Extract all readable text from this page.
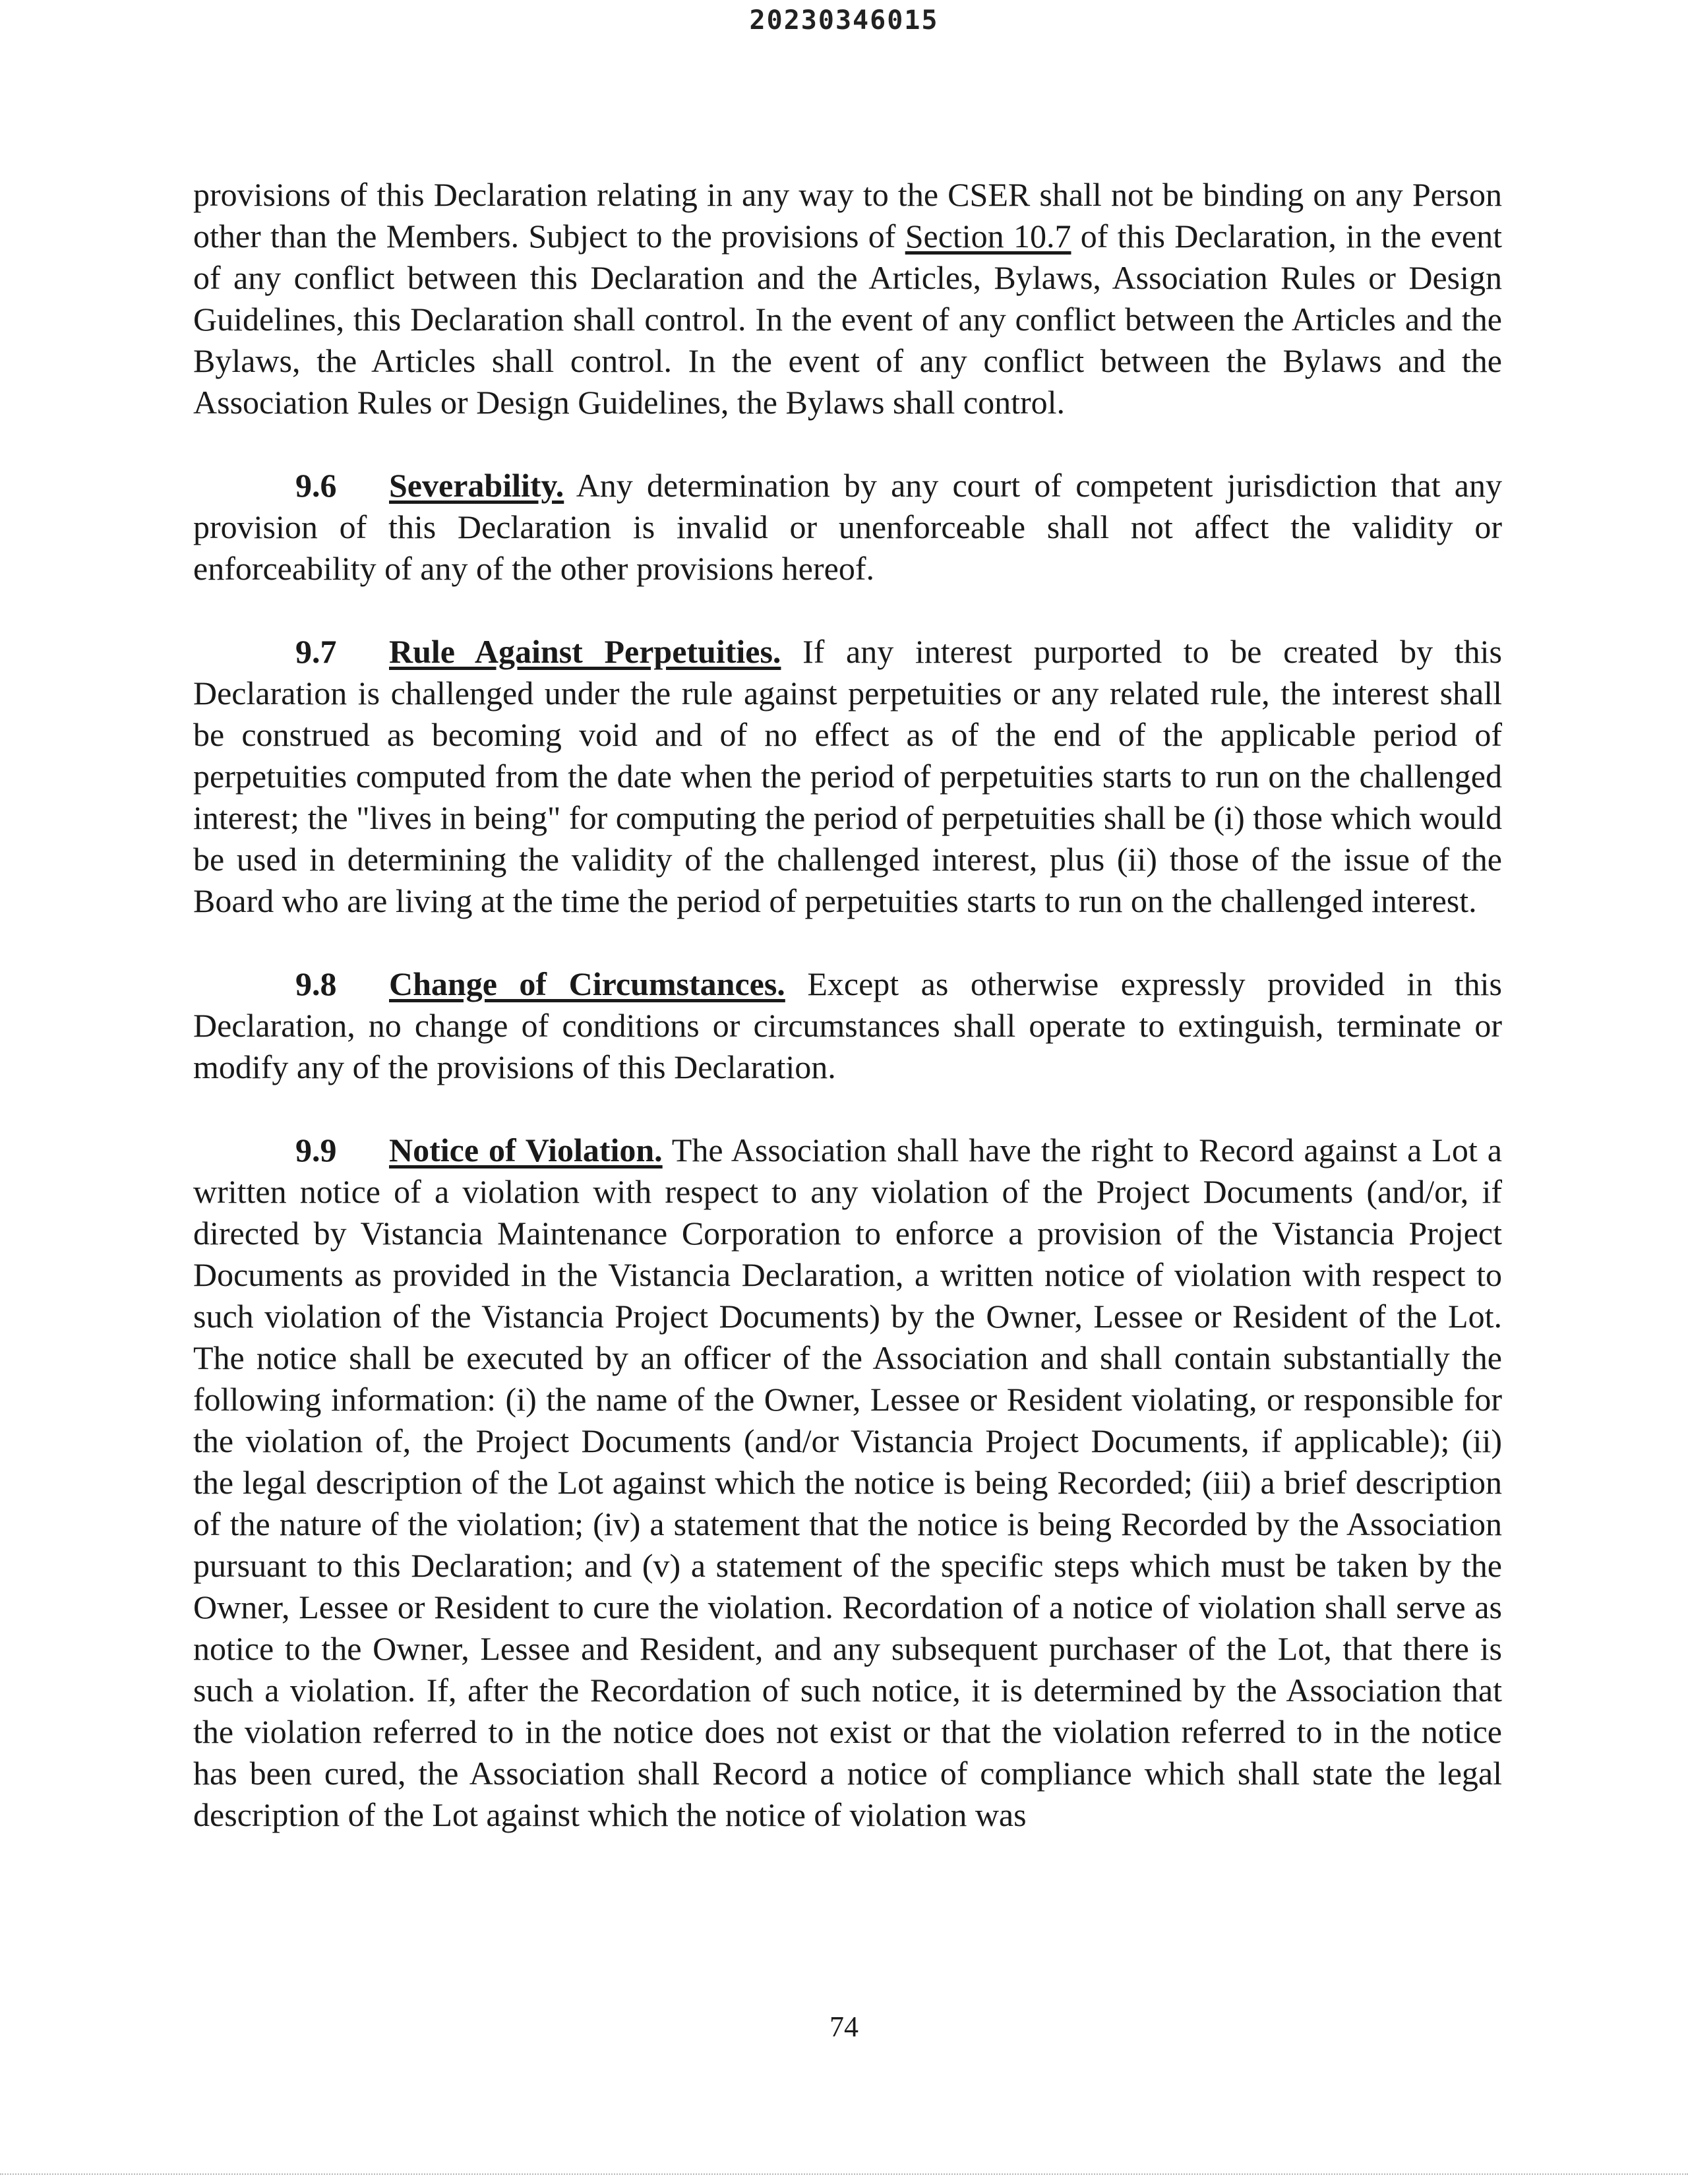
20230346015

provisions of this Declaration relating in any way to the CSER shall not be binding on any Person other than the Members. Subject to the provisions of Section 10.7 of this Declaration, in the event of any conflict between this Declaration and the Articles, Bylaws, Association Rules or Design Guidelines, this Declaration shall control. In the event of any conflict between the Articles and the Bylaws, the Articles shall control. In the event of any conflict between the Bylaws and the Association Rules or Design Guidelines, the Bylaws shall control.

9.6 Severability. Any determination by any court of competent jurisdiction that any provision of this Declaration is invalid or unenforceable shall not affect the validity or enforceability of any of the other provisions hereof.

9.7 Rule Against Perpetuities. If any interest purported to be created by this Declaration is challenged under the rule against perpetuities or any related rule, the interest shall be construed as becoming void and of no effect as of the end of the applicable period of perpetuities computed from the date when the period of perpetuities starts to run on the challenged interest; the "lives in being" for computing the period of perpetuities shall be (i) those which would be used in determining the validity of the challenged interest, plus (ii) those of the issue of the Board who are living at the time the period of perpetuities starts to run on the challenged interest.

9.8 Change of Circumstances. Except as otherwise expressly provided in this Declaration, no change of conditions or circumstances shall operate to extinguish, terminate or modify any of the provisions of this Declaration.

9.9 Notice of Violation. The Association shall have the right to Record against a Lot a written notice of a violation with respect to any violation of the Project Documents (and/or, if directed by Vistancia Maintenance Corporation to enforce a provision of the Vistancia Project Documents as provided in the Vistancia Declaration, a written notice of violation with respect to such violation of the Vistancia Project Documents) by the Owner, Lessee or Resident of the Lot. The notice shall be executed by an officer of the Association and shall contain substantially the following information: (i) the name of the Owner, Lessee or Resident violating, or responsible for the violation of, the Project Documents (and/or Vistancia Project Documents, if applicable); (ii) the legal description of the Lot against which the notice is being Recorded; (iii) a brief description of the nature of the violation; (iv) a statement that the notice is being Recorded by the Association pursuant to this Declaration; and (v) a statement of the specific steps which must be taken by the Owner, Lessee or Resident to cure the violation. Recordation of a notice of violation shall serve as notice to the Owner, Lessee and Resident, and any subsequent purchaser of the Lot, that there is such a violation. If, after the Recordation of such notice, it is determined by the Association that the violation referred to in the notice does not exist or that the violation referred to in the notice has been cured, the Association shall Record a notice of compliance which shall state the legal description of the Lot against which the notice of violation was

74
